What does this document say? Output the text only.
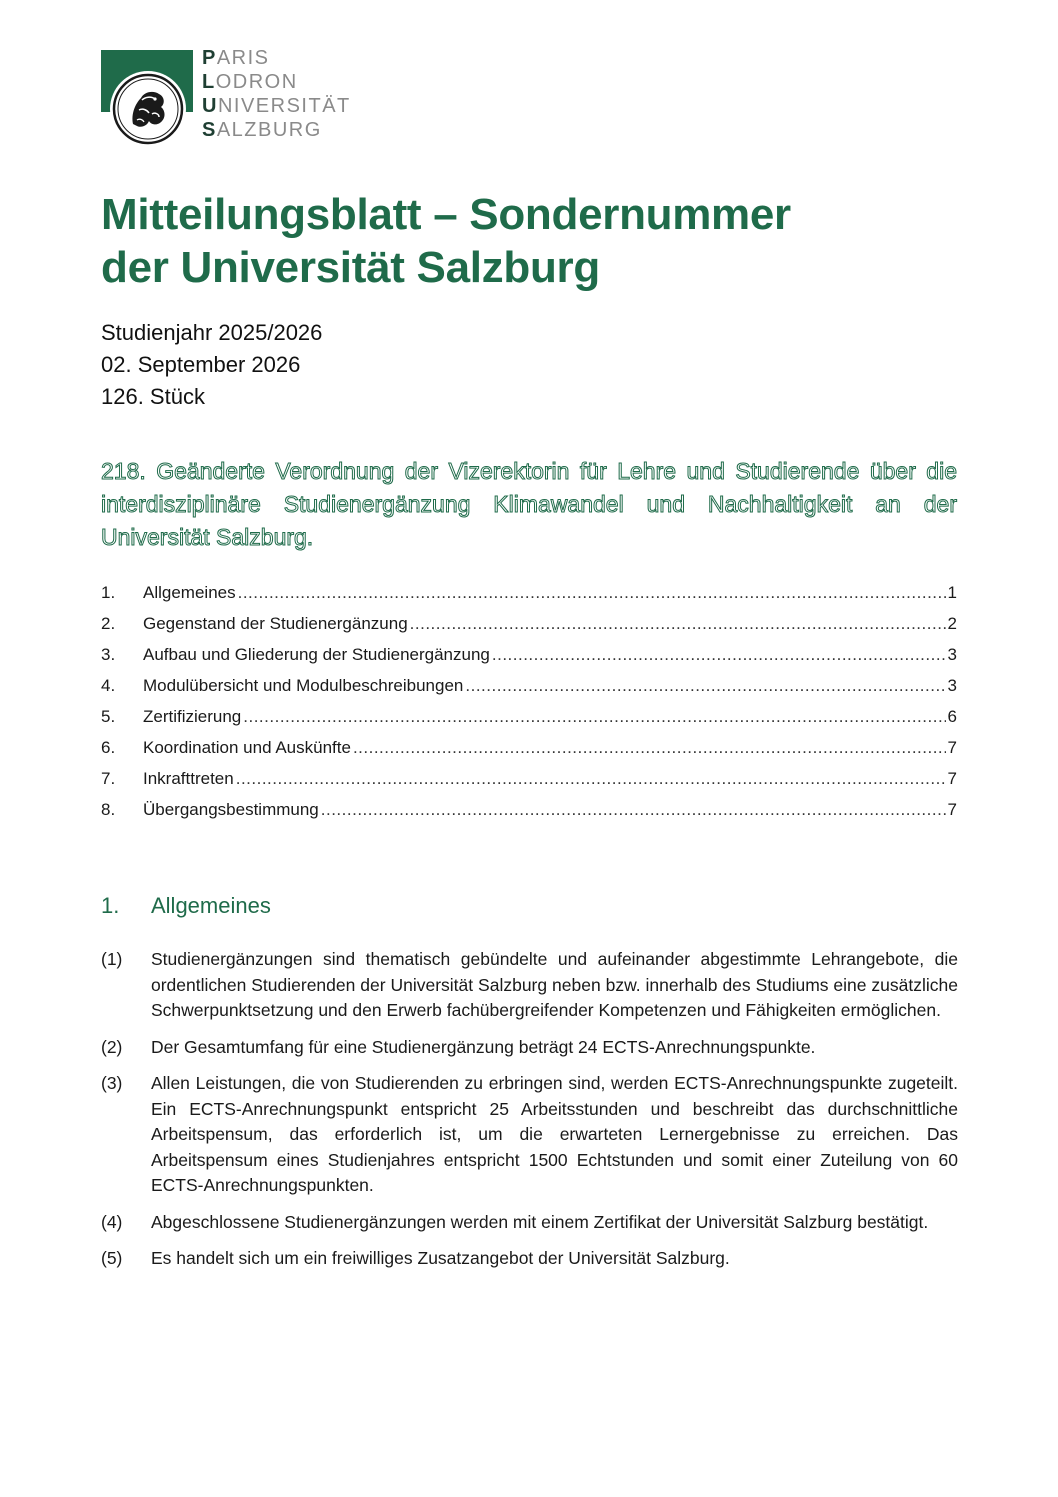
PARIS
LODRON
UNIVERSITÄT
SALZBURG
Mitteilungsblatt – Sondernummer
der Universität Salzburg
Studienjahr 2025/2026
02. September 2026
126. Stück
218. Geänderte Verordnung der Vizerektorin für Lehre und Studierende über die interdisziplinäre Studienergänzung Klimawandel und Nachhaltigkeit an der Universität Salzburg.
1.	Allgemeines .....	1
2.	Gegenstand der Studienergänzung .....	2
3.	Aufbau und Gliederung der Studienergänzung .....	3
4.	Modulübersicht und Modulbeschreibungen .....	3
5.	Zertifizierung .....	6
6.	Koordination und Auskünfte .....	7
7.	Inkrafttreten .....	7
8.	Übergangsbestimmung .....	7
1.	Allgemeines
(1)	Studienergänzungen sind thematisch gebündelte und aufeinander abgestimmte Lehrangebote, die ordentlichen Studierenden der Universität Salzburg neben bzw. innerhalb des Studiums eine zusätzliche Schwerpunktsetzung und den Erwerb fachübergreifender Kompetenzen und Fähigkeiten ermöglichen.
(2)	Der Gesamtumfang für eine Studienergänzung beträgt 24 ECTS-Anrechnungspunkte.
(3)	Allen Leistungen, die von Studierenden zu erbringen sind, werden ECTS-Anrechnungspunkte zugeteilt. Ein ECTS-Anrechnungspunkt entspricht 25 Arbeitsstunden und beschreibt das durchschnittliche Arbeitspensum, das erforderlich ist, um die erwarteten Lernergebnisse zu erreichen. Das Arbeitspensum eines Studienjahres entspricht 1500 Echtstunden und somit einer Zuteilung von 60 ECTS-Anrechnungspunkten.
(4)	Abgeschlossene Studienergänzungen werden mit einem Zertifikat der Universität Salzburg bestätigt.
(5)	Es handelt sich um ein freiwilliges Zusatzangebot der Universität Salzburg.
